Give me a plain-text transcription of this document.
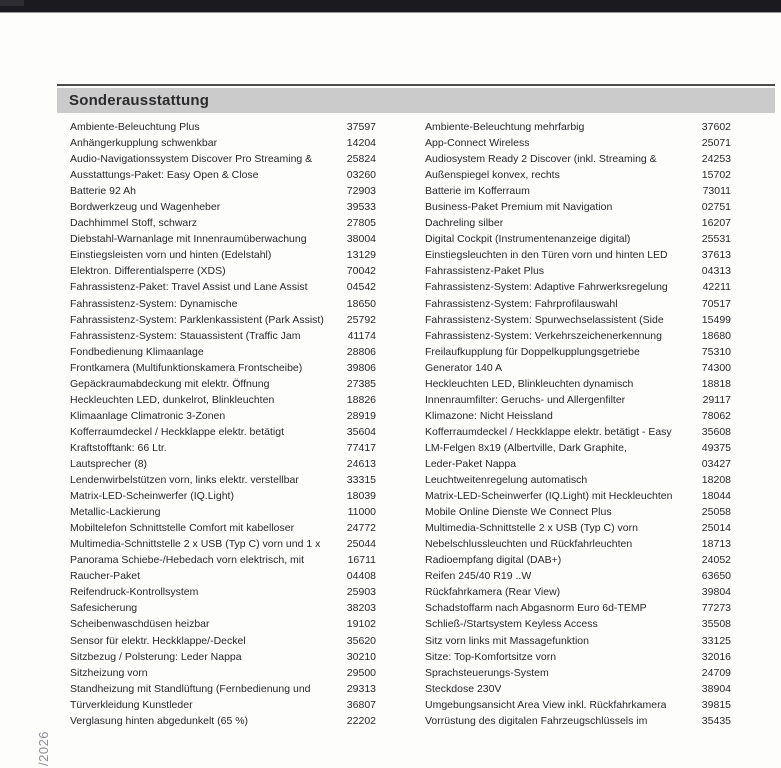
Sonderausstattung
Ambiente-Beleuchtung Plus	37597
Anhängerkupplung schwenkbar	14204
Audio-Navigationssystem Discover Pro Streaming &	25824
Ausstattungs-Paket: Easy Open & Close	03260
Batterie 92 Ah	72903
Bordwerkzeug und Wagenheber	39533
Dachhimmel Stoff, schwarz	27805
Diebstahl-Warnanlage mit Innenraumüberwachung	38004
Einstiegsleisten vorn und hinten (Edelstahl)	13129
Elektron. Differentialsperre (XDS)	70042
Fahrassistenz-Paket: Travel Assist und Lane Assist	04542
Fahrassistenz-System: Dynamische	18650
Fahrassistenz-System: Parklenkassistent (Park Assist) 25792
Fahrassistenz-System: Stauassistent (Traffic Jam	41174
Fondbedienung Klimaanlage	28806
Frontkamera (Multifunktionskamera Frontscheibe)	39806
Gepäckraumabdeckung mit elektr. Öffnung	27385
Heckleuchten LED, dunkelrot, Blinkleuchten	18826
Klimaanlage Climatronic 3-Zonen	28919
Kofferraumdeckel / Heckklappe elektr. betätigt	35604
Kraftstofftank: 66 Ltr.	77417
Lautsprecher (8)	24613
Lendenwirbelstützen vorn, links elektr. verstellbar	33315
Matrix-LED-Scheinwerfer (IQ.Light)	18039
Metallic-Lackierung	11000
Mobiltelefon Schnittstelle Comfort mit kabelloser	24772
Multimedia-Schnittstelle 2 x USB (Typ C) vorn und 1 x	25044
Panorama Schiebe-/Hebedach vorn elektrisch, mit	16711
Raucher-Paket	04408
Reifendruck-Kontrollsystem	25903
Safesicherung	38203
Scheibenwaschdüsen heizbar	19102
Sensor für elektr. Heckklappe/-Deckel	35620
Sitzbezug / Polsterung: Leder Nappa	30210
Sitzheizung vorn	29500
Standheizung mit Standlüftung (Fernbedienung und	29313
Türverkleidung Kunstleder	36807
Verglasung hinten abgedunkelt (65 %)	22202
Ambiente-Beleuchtung mehrfarbig	37602
App-Connect Wireless	25071
Audiosystem Ready 2 Discover (inkl. Streaming &	24253
Außenspiegel konvex, rechts	15702
Batterie im Kofferraum	73011
Business-Paket Premium mit Navigation	02751
Dachreling silber	16207
Digital Cockpit (Instrumentenanzeige digital)	25531
Einstiegsleuchten in den Türen vorn und hinten LED	37613
Fahrassistenz-Paket Plus	04313
Fahrassistenz-System: Adaptive Fahrwerksregelung	42211
Fahrassistenz-System: Fahrprofilauswahl	70517
Fahrassistenz-System: Spurwechselassistent (Side	15499
Fahrassistenz-System: Verkehrszeichenerkennung	18680
Freilaufkupplung für Doppelkupplungsgetriebe	75310
Generator 140 A	74300
Heckleuchten LED, Blinkleuchten dynamisch	18818
Innenraumfilter: Geruchs- und Allergenfilter	29117
Klimazone: Nicht Heissland	78062
Kofferraumdeckel / Heckklappe elektr. betätigt - Easy	35608
LM-Felgen 8x19 (Albertville, Dark Graphite,	49375
Leder-Paket Nappa	03427
Leuchtweitenregelung automatisch	18208
Matrix-LED-Scheinwerfer (IQ.Light) mit Heckleuchten	18044
Mobile Online Dienste We Connect Plus	25058
Multimedia-Schnittstelle 2 x USB (Typ C) vorn	25014
Nebelschlussleuchten und Rückfahrleuchten	18713
Radioempfang digital (DAB+)	24052
Reifen 245/40 R19 ..W	63650
Rückfahrkamera (Rear View)	39804
Schadstoffarm nach Abgasnorm Euro 6d-TEMP	77273
Schließ-/Startsystem Keyless Access	35508
Sitz vorn links mit Massagefunktion	33125
Sitze: Top-Komfortsitze vorn	32016
Sprachsteuerungs-System	24709
Steckdose 230V	38904
Umgebungsansicht Area View inkl. Rückfahrkamera	39815
Vorrüstung des digitalen Fahrzeugschlüssels im	35435
/2026
